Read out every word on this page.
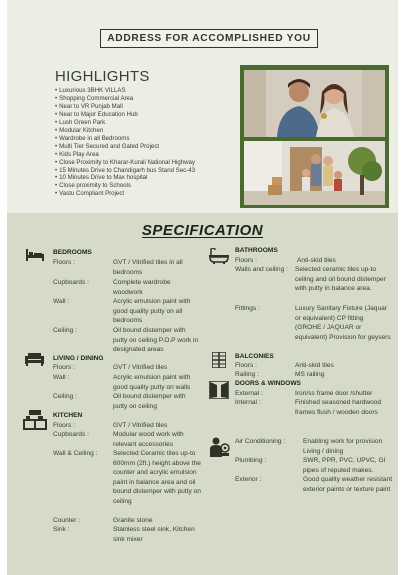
ADDRESS FOR ACCOMPLISHED YOU
HIGHLIGHTS
• Luxurious 3BHK VILLAS
• Shopping Commercial Area
• Near to VR Punjab Mall
• Near to Major Education Hub
• Lush Green Park
• Modular Kitchen
• Wardrobe in all Bedrooms
• Multi Tier Secured and Gated Project
• Kids Play Area
• Close Proximity to Kharar-Kurali National Highway
• 15 Minutes Drive to Chandigarh bus Stand Sec-43
• 10 Minutes Drive to Max hospital
• Close proximity to Schools
• Vastu Compliant Project
SPECIFICATION
BEDROOMS
Floors :	GVT / Vitrified tiles in all bedrooms
Cupboards :	Complete wardrobe woodwork
Wall :	Acrylic emulsion paint with good quality putty on all bedrooms
Ceiling :	Oil bound distemper with putty on ceiling P.O.P work in designated areas
LIVING / DINING
Floors :	GVT / Vitrified tiles
Wall :	Acrylic emulsion paint with good quality putty on walls
Ceiling :	Oil bound distemper with putty on ceiling
KITCHEN
Floors :	GVT / Vitrified tiles
Cupboards :	Modular wood work with relevant accessories
Wall & Ceiling : Selected Ceramic tiles up-to 600mm (2ft.) height above the counter and acrylic emulsion paint in balance area and oil bound distemper with putty on ceiling
Counter :	Granite stone
Sink :	Stainless steel sink, Kitchen sink mixer
BATHROOMS
Floors :	Anti-skid tiles
Walls and ceiling : Selected ceramic tiles up-to ceiling and oil bound distemper with putty in balance area.
Fittings :	Luxury Sanitary Fixture (Jaquar or equivalent) CP fitting (GROHE / JAQUAR or equivalent) Provision for geysers
BALCONIES
Floors :	Anti-skid tiles
Railing :	MS railing
DOORS & WINDOWS
External :	Iron/ss frame door /shutter
Internal :	Finished seasoned hardwood frames flush / wooden doors
Air Conditioning :	Enabling work for provision Living / dining
Plumbing :	SWR, PPR, PVC, UPVC, GI pipes of reputed makes.
Exterior :	Good quality weather resistant exterior paints or texture paint
